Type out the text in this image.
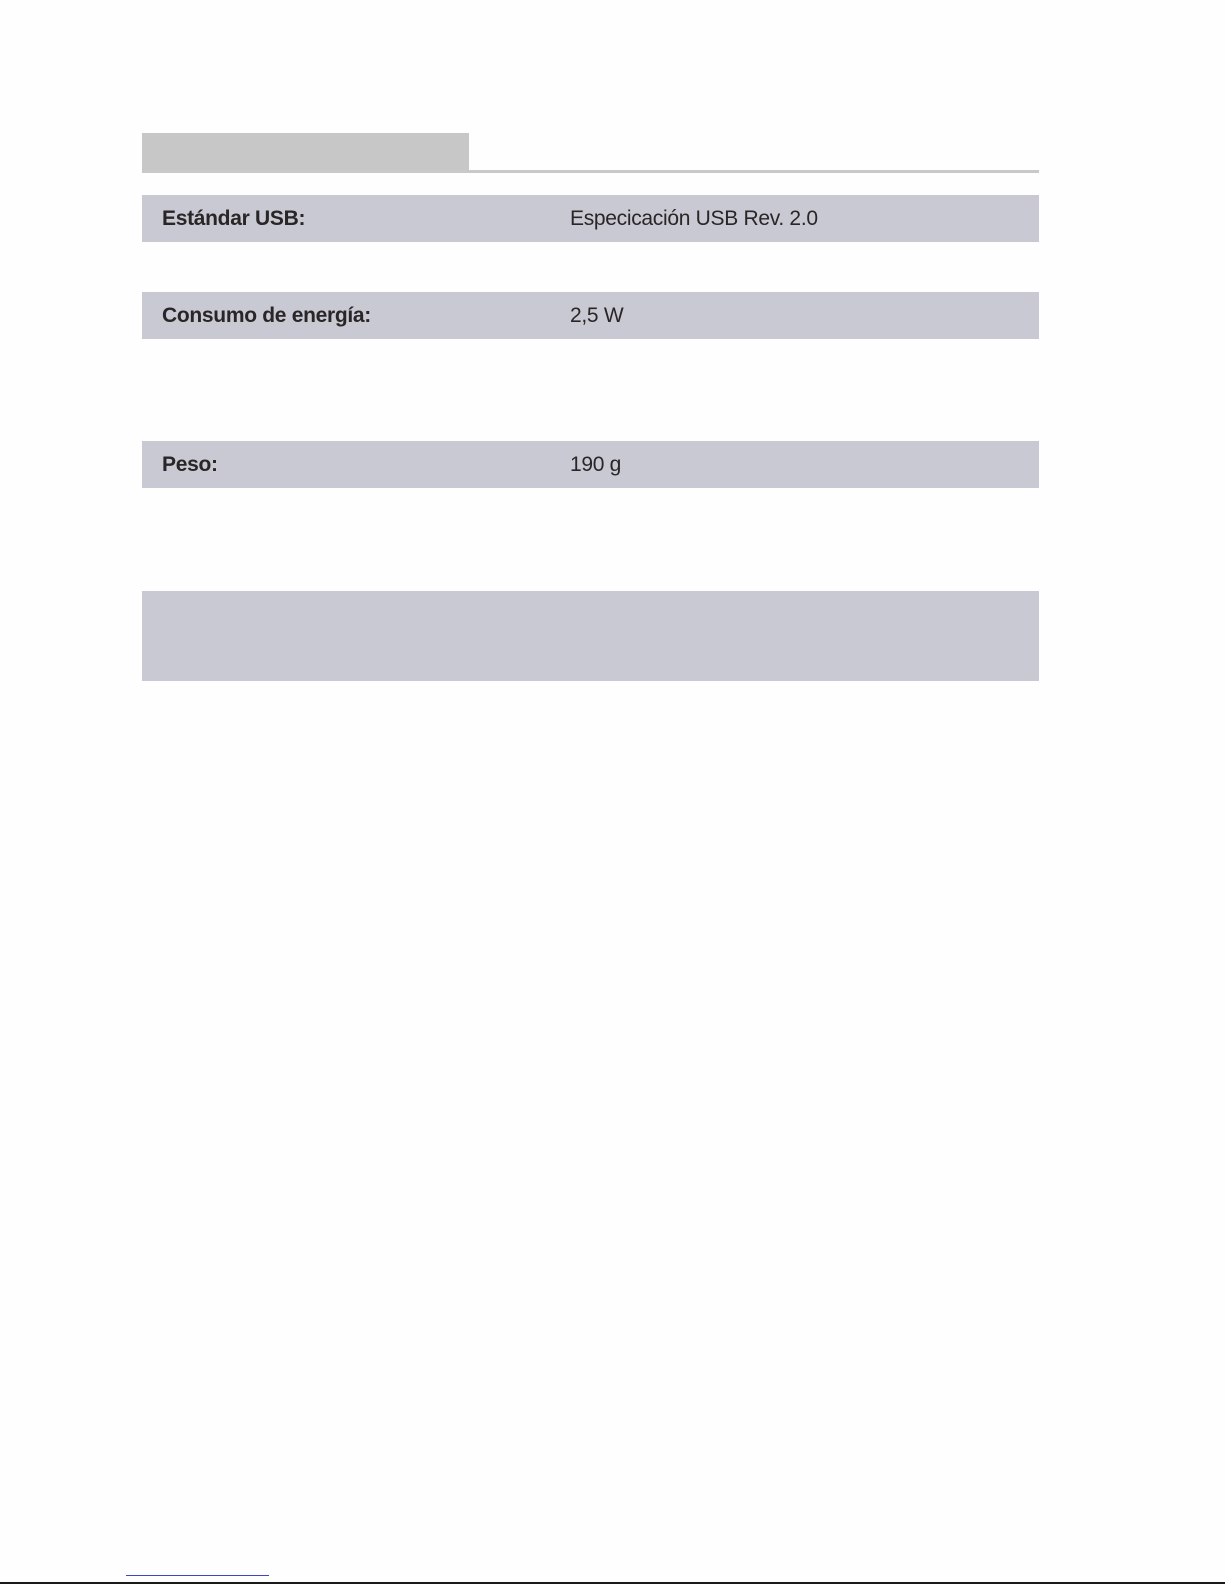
Estándar USB:	Especicación USB Rev. 2.0
Consumo de energía:	2,5 W
Peso:	190 g
